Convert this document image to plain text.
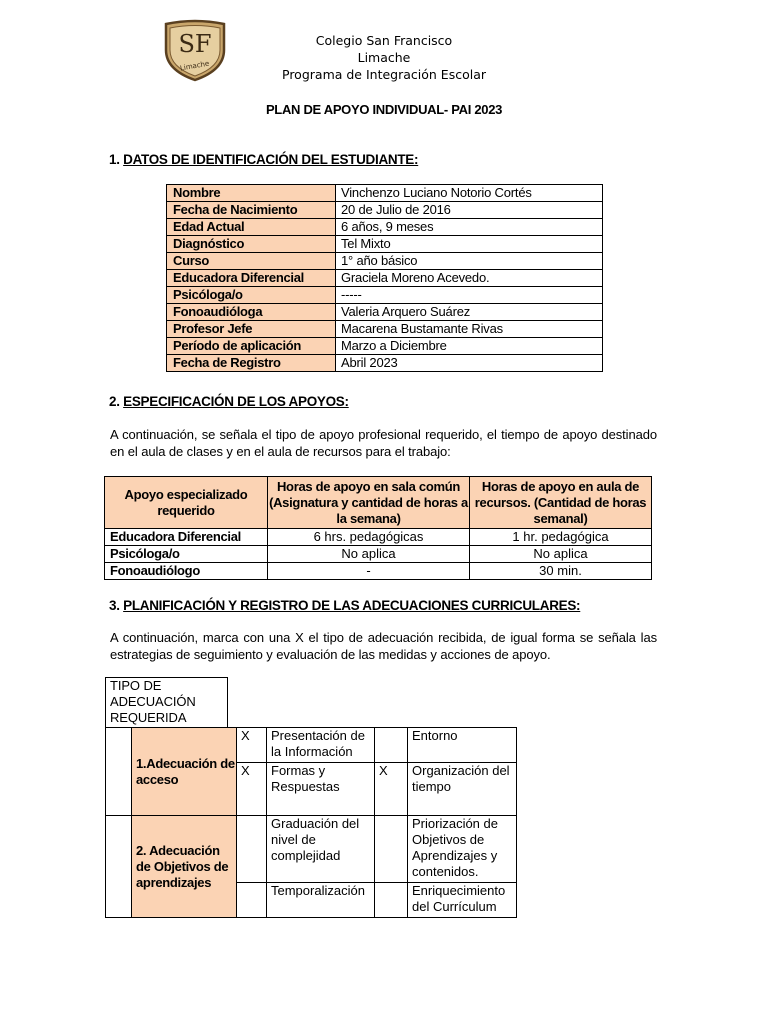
SF
Limache
Colegio San Francisco
Limache
Programa de Integración Escolar
PLAN DE APOYO INDIVIDUAL- PAI 2023
1. DATOS DE IDENTIFICACIÓN DEL ESTUDIANTE:
Nombre	Vinchenzo Luciano Notorio Cortés
Fecha de Nacimiento	20 de Julio de 2016
Edad Actual	6 años, 9 meses
Diagnóstico	Tel Mixto
Curso	1° año básico
Educadora Diferencial	Graciela Moreno Acevedo.
Psicóloga/o	-----
Fonoaudióloga	Valeria Arquero Suárez
Profesor Jefe	Macarena Bustamante Rivas
Período de aplicación	Marzo a Diciembre
Fecha de Registro	Abril 2023
2. ESPECIFICACIÓN DE LOS APOYOS:
A continuación, se señala el tipo de apoyo profesional requerido, el tiempo de apoyo destinado en el aula de clases y en el aula de recursos para el trabajo:
Apoyo especializado requerido	Horas de apoyo en sala común (Asignatura y cantidad de horas a la semana)	Horas de apoyo en aula de recursos. (Cantidad de horas semanal)
Educadora Diferencial	6 hrs. pedagógicas	1 hr. pedagógica
Psicóloga/o	No aplica	No aplica
Fonoaudiólogo	-	30 min.
3. PLANIFICACIÓN Y REGISTRO DE LAS ADECUACIONES CURRICULARES:
A continuación, marca con una X el tipo de adecuación recibida, de igual forma se señala las estrategias de seguimiento y evaluación de las medidas y acciones de apoyo.
TIPO DE ADECUACIÓN REQUERIDA
	1.Adecuación de acceso	X	Presentación de la Información		Entorno
		X	Formas y Respuestas	X	Organización del tiempo
	2. Adecuación de Objetivos de aprendizajes		Graduación del nivel de complejidad		Priorización de Objetivos de Aprendizajes y contenidos.
			Temporalización		Enriquecimiento del Currículum
